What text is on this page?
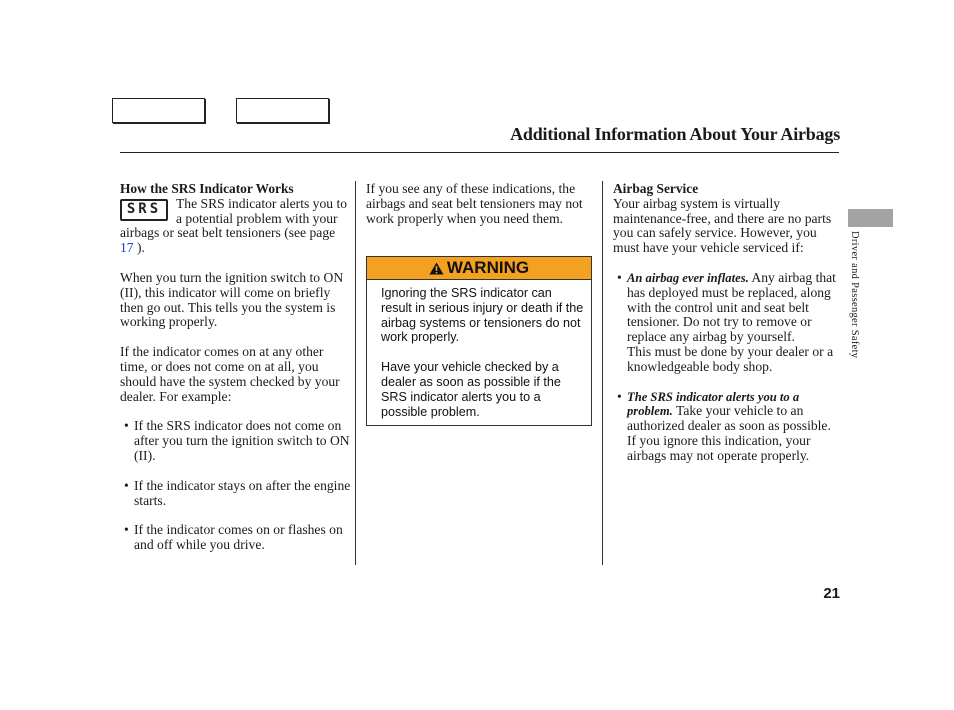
Additional Information About Your Airbags

How the SRS Indicator Works

SRS	The SRS indicator alerts you to a potential problem with your airbags or seat belt tensioners (see page 17 ).

When you turn the ignition switch to ON (II), this indicator will come on briefly then go out. This tells you the system is working properly.

If the indicator comes on at any other time, or does not come on at all, you should have the system checked by your dealer. For example:

• If the SRS indicator does not come on after you turn the ignition switch to ON (II).

• If the indicator stays on after the engine starts.

• If the indicator comes on or flashes on and off while you drive.

If you see any of these indications, the airbags and seat belt tensioners may not work properly when you need them.

WARNING

Ignoring the SRS indicator can result in serious injury or death if the airbag systems or tensioners do not work properly.

Have your vehicle checked by a dealer as soon as possible if the SRS indicator alerts you to a possible problem.

Airbag Service

Your airbag system is virtually maintenance-free, and there are no parts you can safely service. However, you must have your vehicle serviced if:

• An airbag ever inflates. Any airbag that has deployed must be replaced, along with the control unit and seat belt tensioner. Do not try to remove or replace any airbag by yourself.
This must be done by your dealer or a knowledgeable body shop.

• The SRS indicator alerts you to a problem. Take your vehicle to an authorized dealer as soon as possible. If you ignore this indication, your airbags may not operate properly.

Driver and Passenger Safety
21
